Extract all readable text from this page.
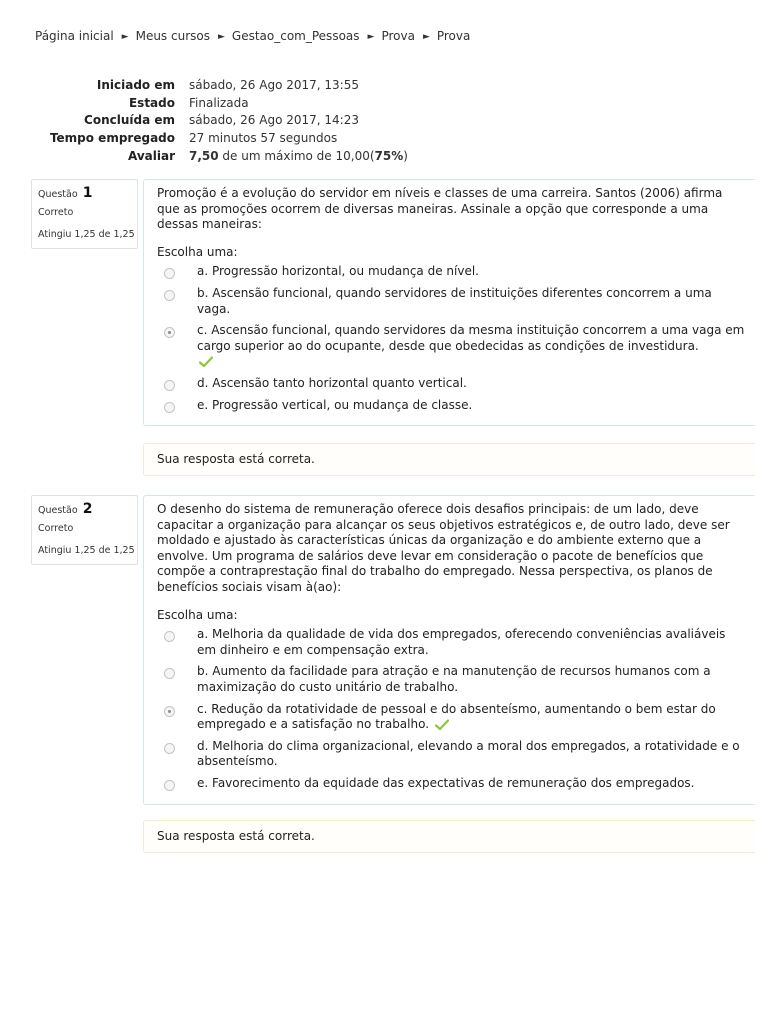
Página inicial ► Meus cursos ► Gestao_com_Pessoas ► Prova ► Prova
Iniciado em sábado, 26 Ago 2017, 13:55
Estado Finalizada
Concluída em sábado, 26 Ago 2017, 14:23
Tempo empregado 27 minutos 57 segundos
Avaliar 7,50 de um máximo de 10,00(75%)
Questão 1
Correto
Atingiu 1,25 de 1,25

Promoção é a evolução do servidor em níveis e classes de uma carreira. Santos (2006) afirma que as promoções ocorrem de diversas maneiras. Assinale a opção que corresponde a uma dessas maneiras:

Escolha uma:

a. Progressão horizontal, ou mudança de nível.
b. Ascensão funcional, quando servidores de instituições diferentes concorrem a uma vaga.
c. Ascensão funcional, quando servidores da mesma instituição concorrem a uma vaga em cargo superior ao do ocupante, desde que obedecidas as condições de investidura.

d. Ascensão tanto horizontal quanto vertical.
e. Progressão vertical, ou mudança de classe.
Sua resposta está correta.
Questão 2
Correto
Atingiu 1,25 de 1,25

O desenho do sistema de remuneração oferece dois desafios principais: de um lado, deve capacitar a organização para alcançar os seus objetivos estratégicos e, de outro lado, deve ser moldado e ajustado às características únicas da organização e do ambiente externo que a envolve. Um programa de salários deve levar em consideração o pacote de benefícios que compõe a contraprestação final do trabalho do empregado. Nessa perspectiva, os planos de benefícios sociais visam à(ao):

Escolha uma:

a. Melhoria da qualidade de vida dos empregados, oferecendo conveniências avaliáveis em dinheiro e em compensação extra.
b. Aumento da facilidade para atração e na manutenção de recursos humanos com a maximização do custo unitário de trabalho.
c. Redução da rotatividade de pessoal e do absenteísmo, aumentando o bem estar do empregado e a satisfação no trabalho.
d. Melhoria do clima organizacional, elevando a moral dos empregados, a rotatividade e o absenteísmo.
e. Favorecimento da equidade das expectativas de remuneração dos empregados.
Sua resposta está correta.
